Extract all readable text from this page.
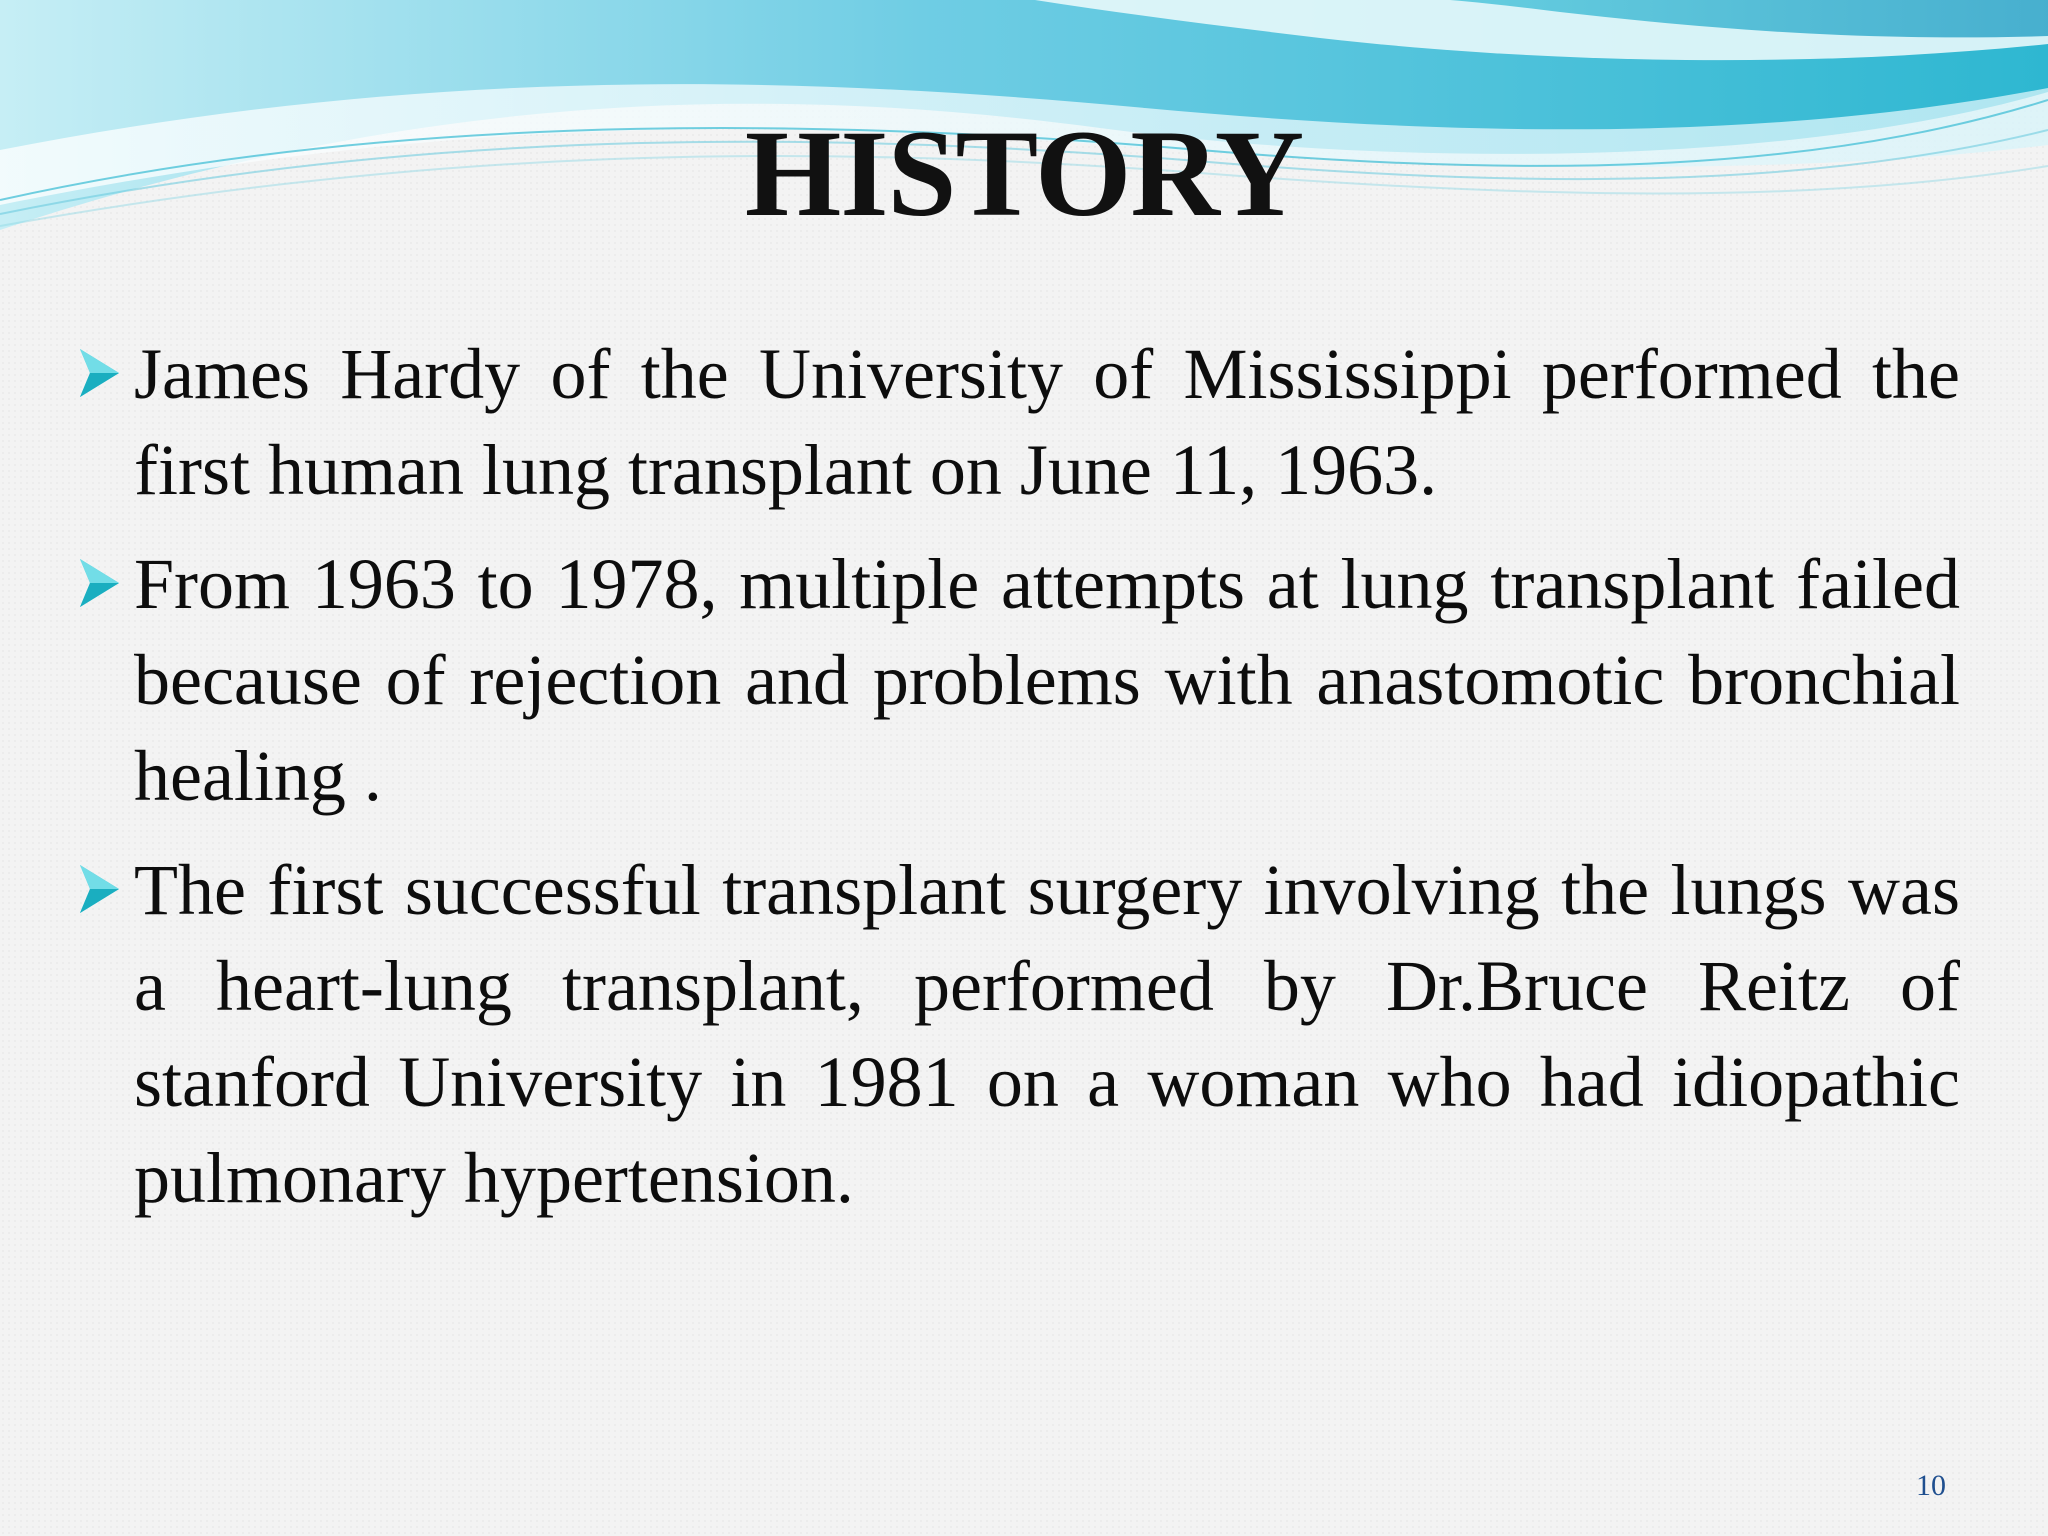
HISTORY
James Hardy of the University of Mississippi performed the first human lung transplant on June 11, 1963.
From 1963 to 1978, multiple attempts at lung transplant failed because of rejection and problems with anastomotic bronchial healing .
The first successful transplant surgery involving the lungs was a heart-lung transplant, performed by Dr.Bruce Reitz of stanford University in 1981 on a woman who had idiopathic pulmonary hypertension.
10
